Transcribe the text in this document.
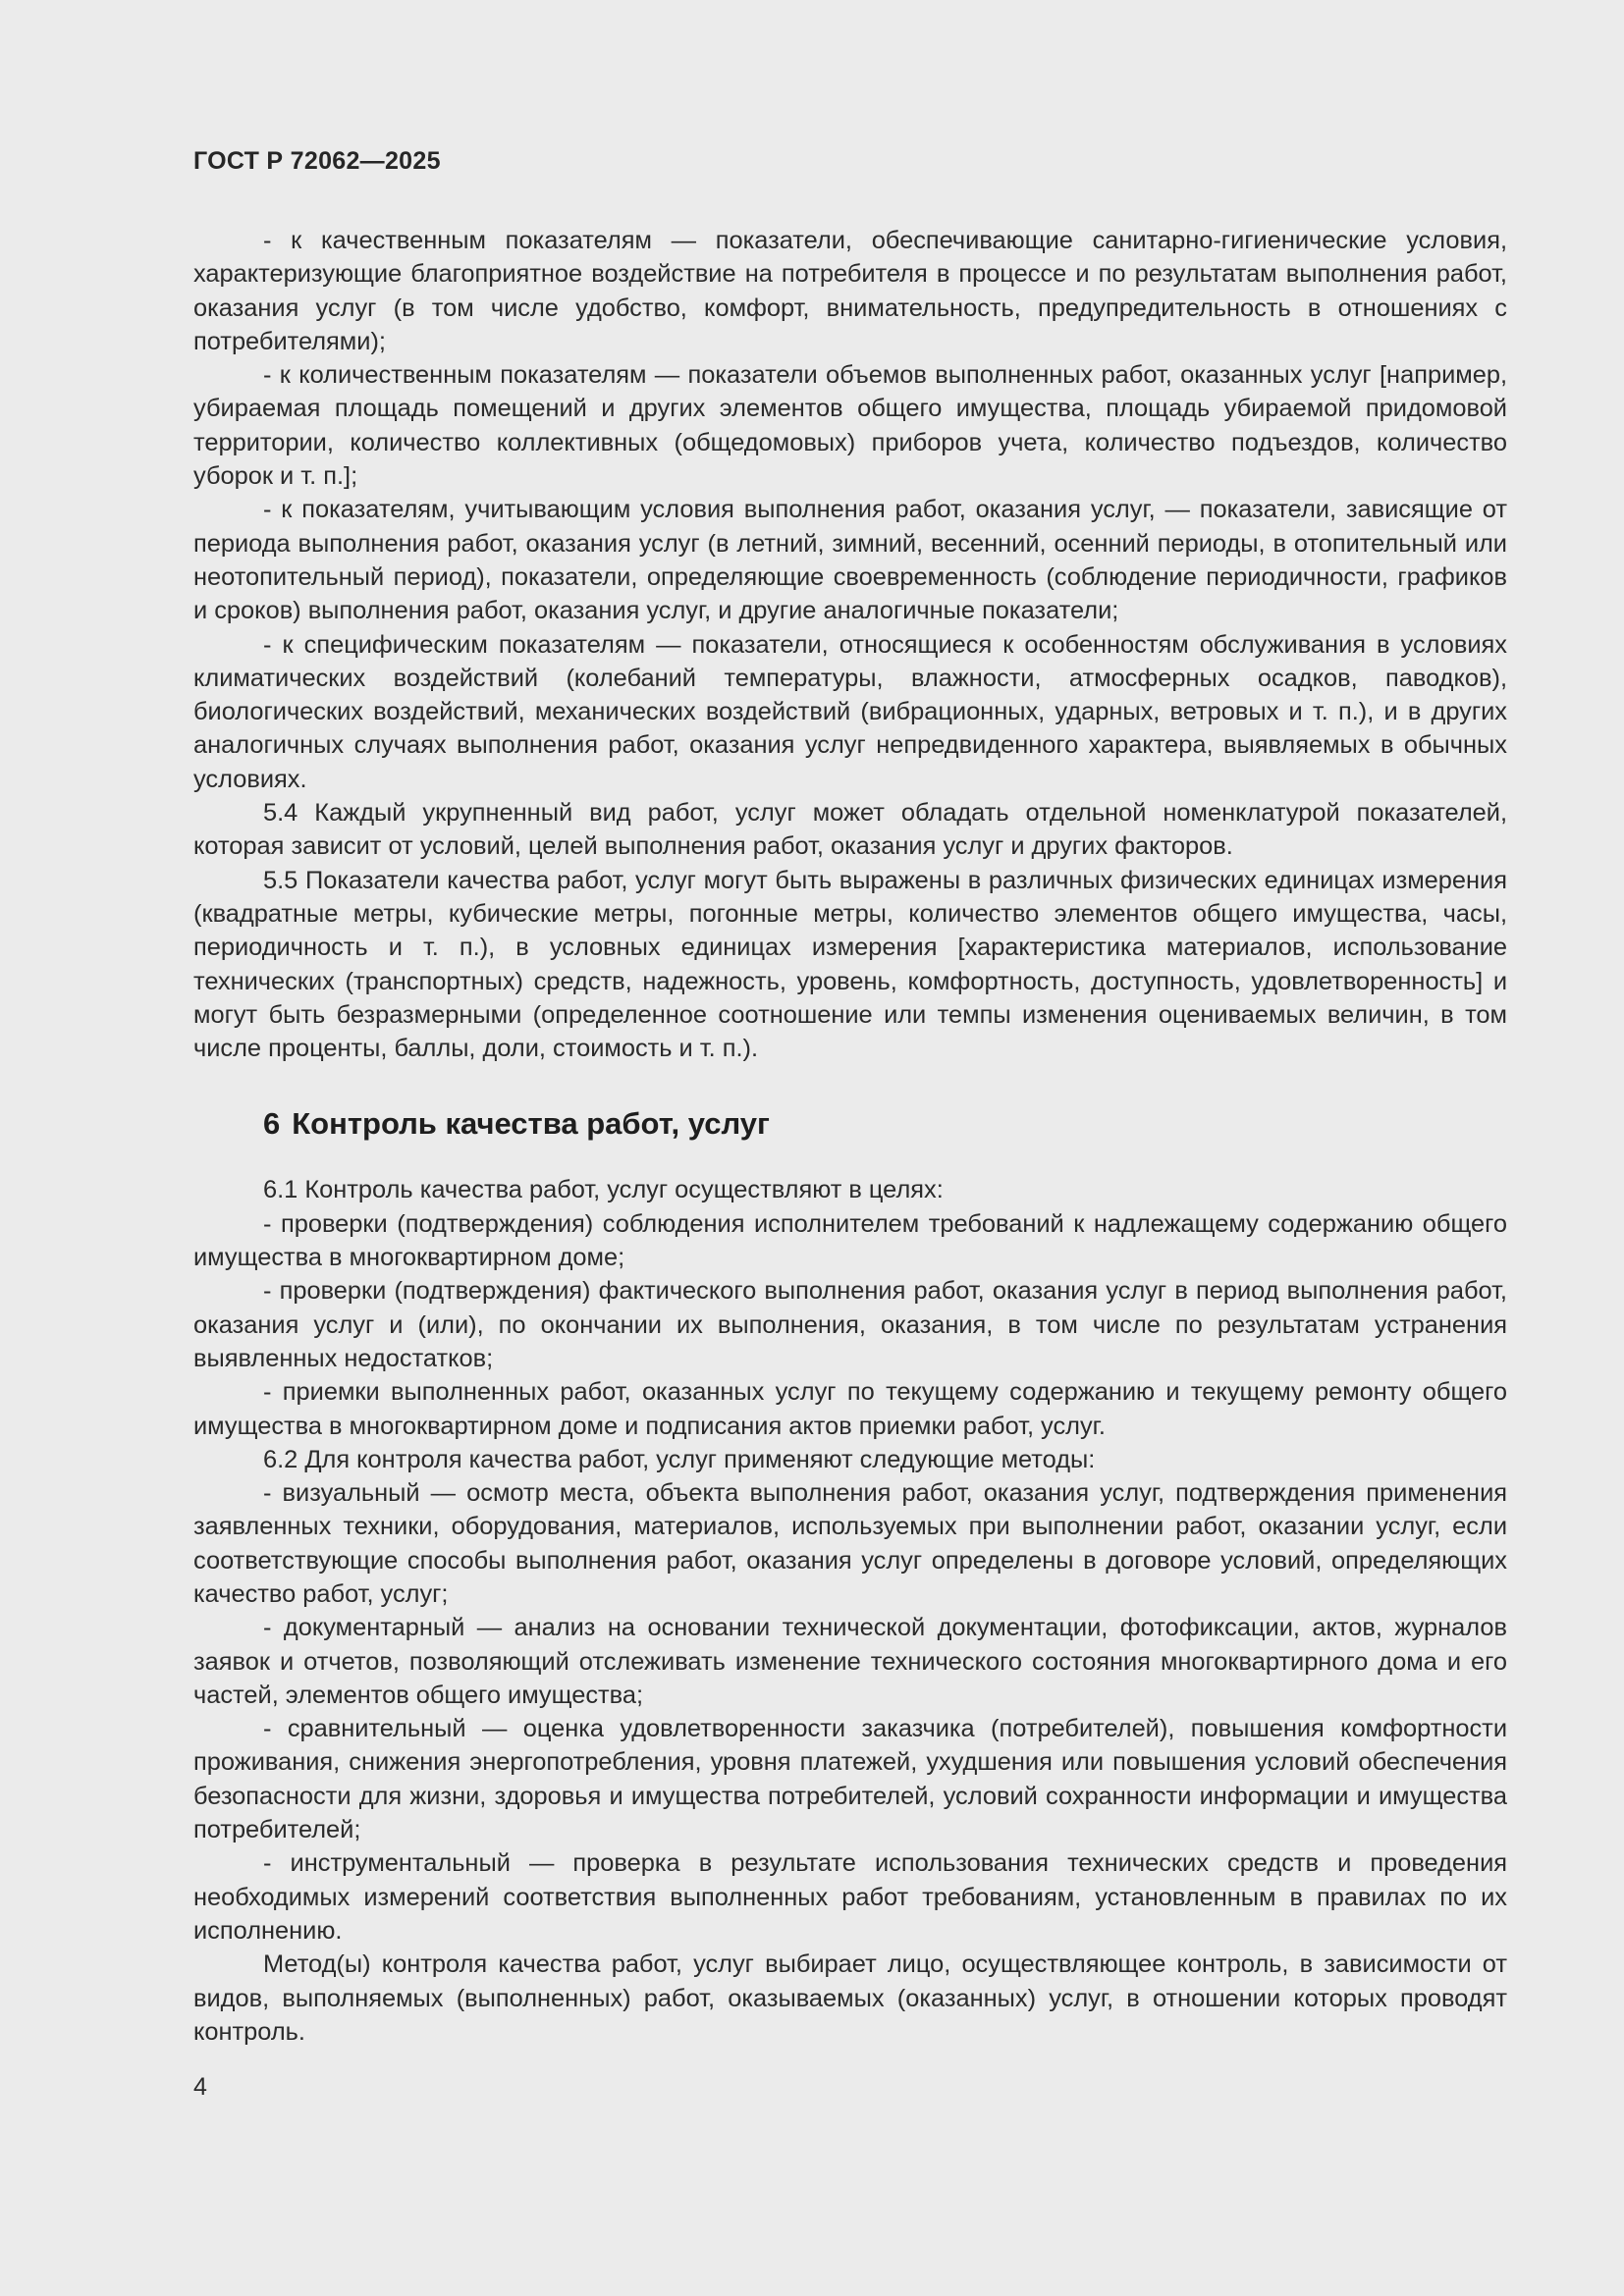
ГОСТ Р 72062—2025

- к качественным показателям — показатели, обеспечивающие санитарно-гигиенические условия, характеризующие благоприятное воздействие на потребителя в процессе и по результатам выполнения работ, оказания услуг (в том числе удобство, комфорт, внимательность, предупредительность в отношениях с потребителями);

- к количественным показателям — показатели объемов выполненных работ, оказанных услуг [например, убираемая площадь помещений и других элементов общего имущества, площадь убираемой придомовой территории, количество коллективных (общедомовых) приборов учета, количество подъездов, количество уборок и т. п.];

- к показателям, учитывающим условия выполнения работ, оказания услуг, — показатели, зависящие от периода выполнения работ, оказания услуг (в летний, зимний, весенний, осенний периоды, в отопительный или неотопительный период), показатели, определяющие своевременность (соблюдение периодичности, графиков и сроков) выполнения работ, оказания услуг, и другие аналогичные показатели;

- к специфическим показателям — показатели, относящиеся к особенностям обслуживания в условиях климатических воздействий (колебаний температуры, влажности, атмосферных осадков, паводков), биологических воздействий, механических воздействий (вибрационных, ударных, ветровых и т. п.), и в других аналогичных случаях выполнения работ, оказания услуг непредвиденного характера, выявляемых в обычных условиях.

5.4 Каждый укрупненный вид работ, услуг может обладать отдельной номенклатурой показателей, которая зависит от условий, целей выполнения работ, оказания услуг и других факторов.

5.5 Показатели качества работ, услуг могут быть выражены в различных физических единицах измерения (квадратные метры, кубические метры, погонные метры, количество элементов общего имущества, часы, периодичность и т. п.), в условных единицах измерения [характеристика материалов, использование технических (транспортных) средств, надежность, уровень, комфортность, доступность, удовлетворенность] и могут быть безразмерными (определенное соотношение или темпы изменения оцениваемых величин, в том числе проценты, баллы, доли, стоимость и т. п.).

6 Контроль качества работ, услуг

6.1 Контроль качества работ, услуг осуществляют в целях:

- проверки (подтверждения) соблюдения исполнителем требований к надлежащему содержанию общего имущества в многоквартирном доме;

- проверки (подтверждения) фактического выполнения работ, оказания услуг в период выполнения работ, оказания услуг и (или), по окончании их выполнения, оказания, в том числе по результатам устранения выявленных недостатков;

- приемки выполненных работ, оказанных услуг по текущему содержанию и текущему ремонту общего имущества в многоквартирном доме и подписания актов приемки работ, услуг.

6.2 Для контроля качества работ, услуг применяют следующие методы:

- визуальный — осмотр места, объекта выполнения работ, оказания услуг, подтверждения применения заявленных техники, оборудования, материалов, используемых при выполнении работ, оказании услуг, если соответствующие способы выполнения работ, оказания услуг определены в договоре условий, определяющих качество работ, услуг;

- документарный — анализ на основании технической документации, фотофиксации, актов, журналов заявок и отчетов, позволяющий отслеживать изменение технического состояния многоквартирного дома и его частей, элементов общего имущества;

- сравнительный — оценка удовлетворенности заказчика (потребителей), повышения комфортности проживания, снижения энергопотребления, уровня платежей, ухудшения или повышения условий обеспечения безопасности для жизни, здоровья и имущества потребителей, условий сохранности информации и имущества потребителей;

- инструментальный — проверка в результате использования технических средств и проведения необходимых измерений соответствия выполненных работ требованиям, установленным в правилах по их исполнению.

Метод(ы) контроля качества работ, услуг выбирает лицо, осуществляющее контроль, в зависимости от видов, выполняемых (выполненных) работ, оказываемых (оказанных) услуг, в отношении которых проводят контроль.

4
